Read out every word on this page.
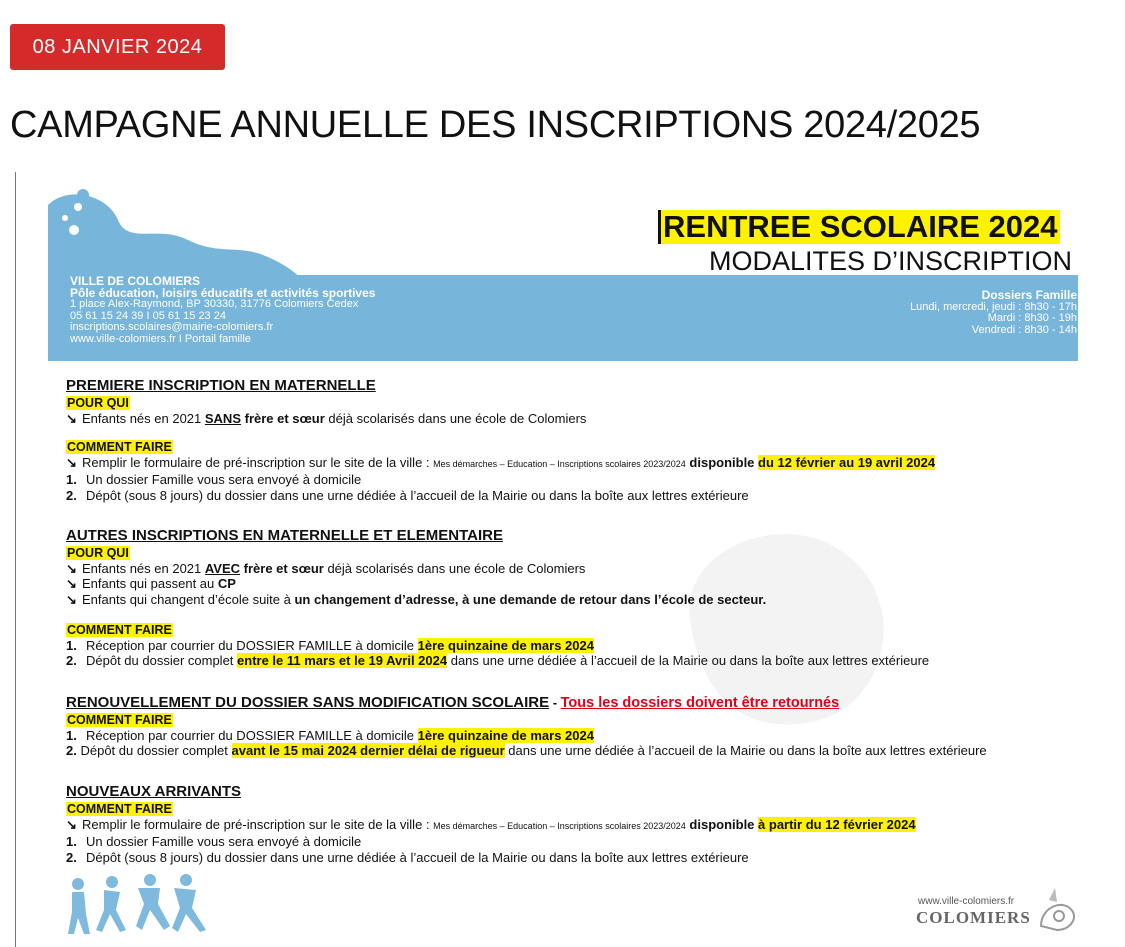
08 JANVIER 2024
CAMPAGNE ANNUELLE DES INSCRIPTIONS 2024/2025
VILLE DE COLOMIERS
Pôle éducation, loisirs éducatifs et activités sportives
1 place Alex-Raymond, BP 30330, 31776 Colomiers Cedex
05 61 15 24 39 I 05 61 15 23 24
inscriptions.scolaires@mairie-colomiers.fr
www.ville-colomiers.fr I Portail famille
Dossiers Famille
Lundi, mercredi, jeudi : 8h30 - 17h
Mardi : 8h30 - 19h
Vendredi : 8h30 - 14h
RENTREE SCOLAIRE 2024
MODALITES D’INSCRIPTION
PREMIERE INSCRIPTION EN MATERNELLE
POUR QUI
↘ Enfants nés en 2021 SANS frère et sœur déjà scolarisés dans une école de Colomiers
COMMENT FAIRE
↘ Remplir le formulaire de pré-inscription sur le site de la ville : Mes démarches – Education – Inscriptions scolaires 2023/2024 disponible du 12 février au 19 avril 2024
1. Un dossier Famille vous sera envoyé à domicile
2. Dépôt (sous 8 jours) du dossier dans une urne dédiée à l’accueil de la Mairie ou dans la boîte aux lettres extérieure
AUTRES INSCRIPTIONS EN MATERNELLE ET ELEMENTAIRE
POUR QUI
↘ Enfants nés en 2021 AVEC frère et sœur déjà scolarisés dans une école de Colomiers
↘ Enfants qui passent au CP
↘ Enfants qui changent d’école suite à un changement d’adresse, à une demande de retour dans l’école de secteur.
COMMENT FAIRE
1. Réception par courrier du DOSSIER FAMILLE à domicile 1ère quinzaine de mars 2024
2. Dépôt du dossier complet entre le 11 mars et le 19 Avril 2024 dans une urne dédiée à l’accueil de la Mairie ou dans la boîte aux lettres extérieure
RENOUVELLEMENT DU DOSSIER SANS MODIFICATION SCOLAIRE - Tous les dossiers doivent être retournés
COMMENT FAIRE
1. Réception par courrier du DOSSIER FAMILLE à domicile 1ère quinzaine de mars 2024
2. Dépôt du dossier complet avant le 15 mai 2024 dernier délai de rigueur dans une urne dédiée à l’accueil de la Mairie ou dans la boîte aux lettres extérieure
NOUVEAUX ARRIVANTS
COMMENT FAIRE
↘ Remplir le formulaire de pré-inscription sur le site de la ville : Mes démarches – Education – Inscriptions scolaires 2023/2024 disponible à partir du 12 février 2024
1. Un dossier Famille vous sera envoyé à domicile
2. Dépôt (sous 8 jours) du dossier dans une urne dédiée à l’accueil de la Mairie ou dans la boîte aux lettres extérieure
www.ville-colomiers.fr
COLOMIERS
